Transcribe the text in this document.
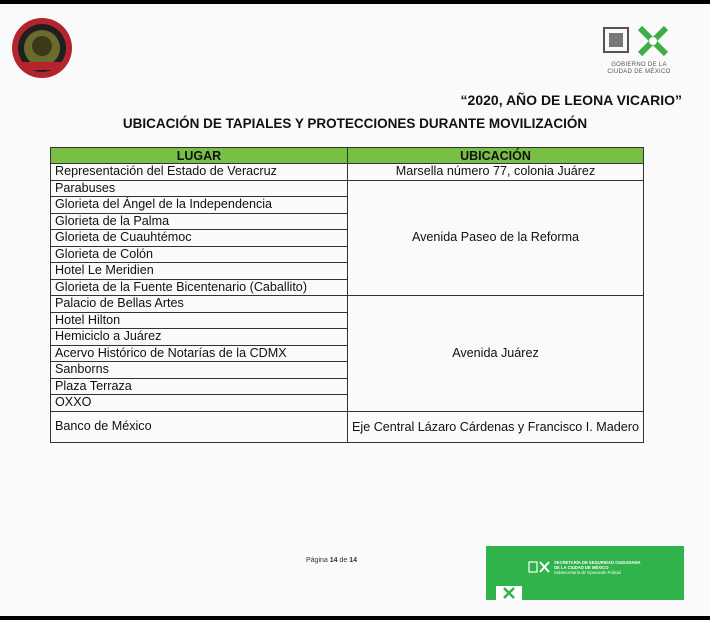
GOBIERNO DE LA
CIUDAD DE MÉXICO
“2020, AÑO DE LEONA VICARIO”
UBICACIÓN DE TAPIALES Y PROTECCIONES DURANTE MOVILIZACIÓN
LUGAR	UBICACIÓN
Representación del Estado de Veracruz	Marsella número 77, colonia Juárez
Parabuses	Avenida Paseo de la Reforma
Glorieta del Ángel de la Independencia	
Glorieta de la Palma	
Glorieta de Cuauhtémoc	
Glorieta de Colón	
Hotel Le Meridien	
Glorieta de la Fuente Bicentenario (Caballito)	
Palacio de Bellas Artes	Avenida Juárez
Hotel Hilton	
Hemiciclo a Juárez	
Acervo Histórico de Notarías de la CDMX	
Sanborns	
Plaza Terraza	
OXXO	
Banco de México	Eje Central Lázaro Cárdenas y Francisco I. Madero
Página 14 de 14	SECRETARÍA DE SEGURIDAD CIUDADANA
DE LA CIUDAD DE MÉXICO
Subsecretaría de Operación Policial
